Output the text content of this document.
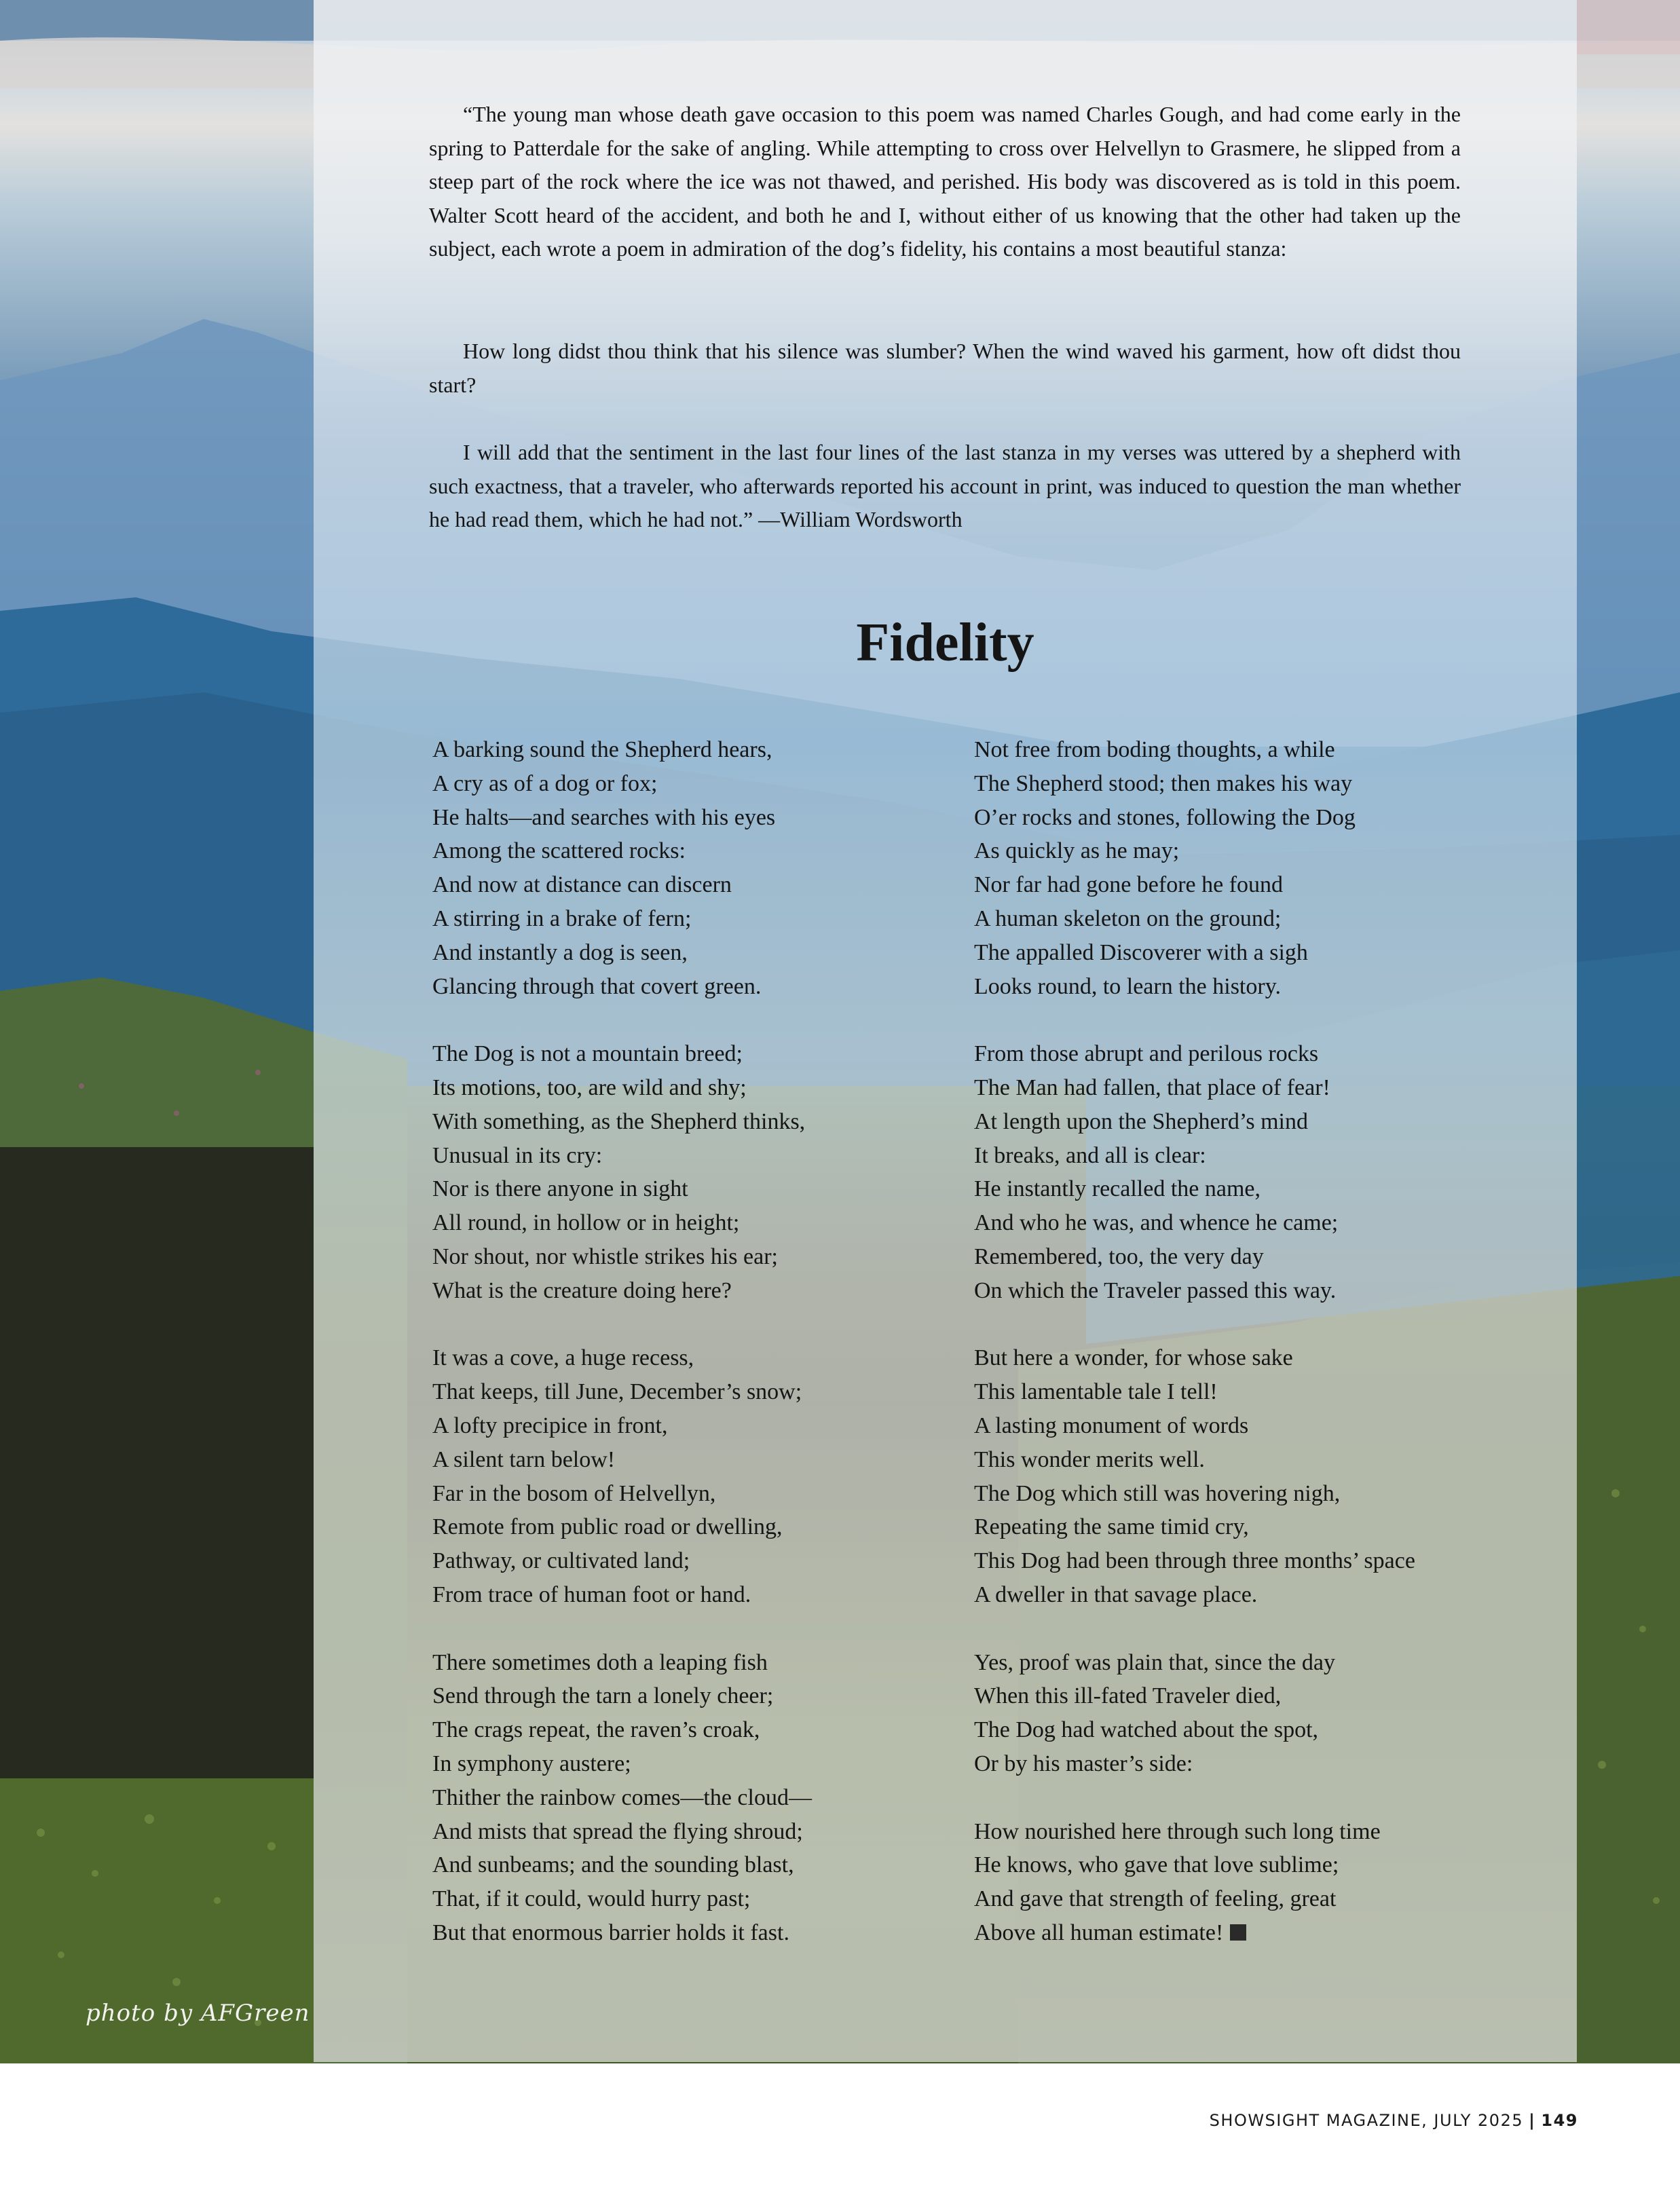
photo by AFGreen

“The young man whose death gave occasion to this poem was named Charles Gough, and had come early in the spring to Patterdale for the sake of angling. While attempting to cross over Helvellyn to Grasmere, he slipped from a steep part of the rock where the ice was not thawed, and perished. His body was discovered as is told in this poem. Walter Scott heard of the accident, and both he and I, without either of us knowing that the other had taken up the subject, each wrote a poem in admiration of the dog’s fidelity, his contains a most beautiful stanza:

How long didst thou think that his silence was slumber? When the wind waved his garment, how oft didst thou start?

I will add that the sentiment in the last four lines of the last stanza in my verses was uttered by a shepherd with such exactness, that a traveler, who afterwards reported his account in print, was induced to question the man whether he had read them, which he had not.” —William Wordsworth

Fidelity
A barking sound the Shepherd hears,
A cry as of a dog or fox;
He halts—and searches with his eyes
Among the scattered rocks:
And now at distance can discern
A stirring in a brake of fern;
And instantly a dog is seen,
Glancing through that covert green.
The Dog is not a mountain breed;
Its motions, too, are wild and shy;
With something, as the Shepherd thinks,
Unusual in its cry:
Nor is there anyone in sight
All round, in hollow or in height;
Nor shout, nor whistle strikes his ear;
What is the creature doing here?
It was a cove, a huge recess,
That keeps, till June, December’s snow;
A lofty precipice in front,
A silent tarn below!
Far in the bosom of Helvellyn,
Remote from public road or dwelling,
Pathway, or cultivated land;
From trace of human foot or hand.
There sometimes doth a leaping fish
Send through the tarn a lonely cheer;
The crags repeat, the raven’s croak,
In symphony austere;
Thither the rainbow comes—the cloud—
And mists that spread the flying shroud;
And sunbeams; and the sounding blast,
That, if it could, would hurry past;
But that enormous barrier holds it fast.
Not free from boding thoughts, a while
The Shepherd stood; then makes his way
O’er rocks and stones, following the Dog
As quickly as he may;
Nor far had gone before he found
A human skeleton on the ground;
The appalled Discoverer with a sigh
Looks round, to learn the history.
From those abrupt and perilous rocks
The Man had fallen, that place of fear!
At length upon the Shepherd’s mind
It breaks, and all is clear:
He instantly recalled the name,
And who he was, and whence he came;
Remembered, too, the very day
On which the Traveler passed this way.
But here a wonder, for whose sake
This lamentable tale I tell!
A lasting monument of words
This wonder merits well.
The Dog which still was hovering nigh,
Repeating the same timid cry,
This Dog had been through three months’ space
A dweller in that savage place.
Yes, proof was plain that, since the day
When this ill-fated Traveler died,
The Dog had watched about the spot,
Or by his master’s side:
How nourished here through such long time
He knows, who gave that love sublime;
And gave that strength of feeling, great
Above all human estimate!
SHOWSIGHT MAGAZINE, JULY 2025 | 149
